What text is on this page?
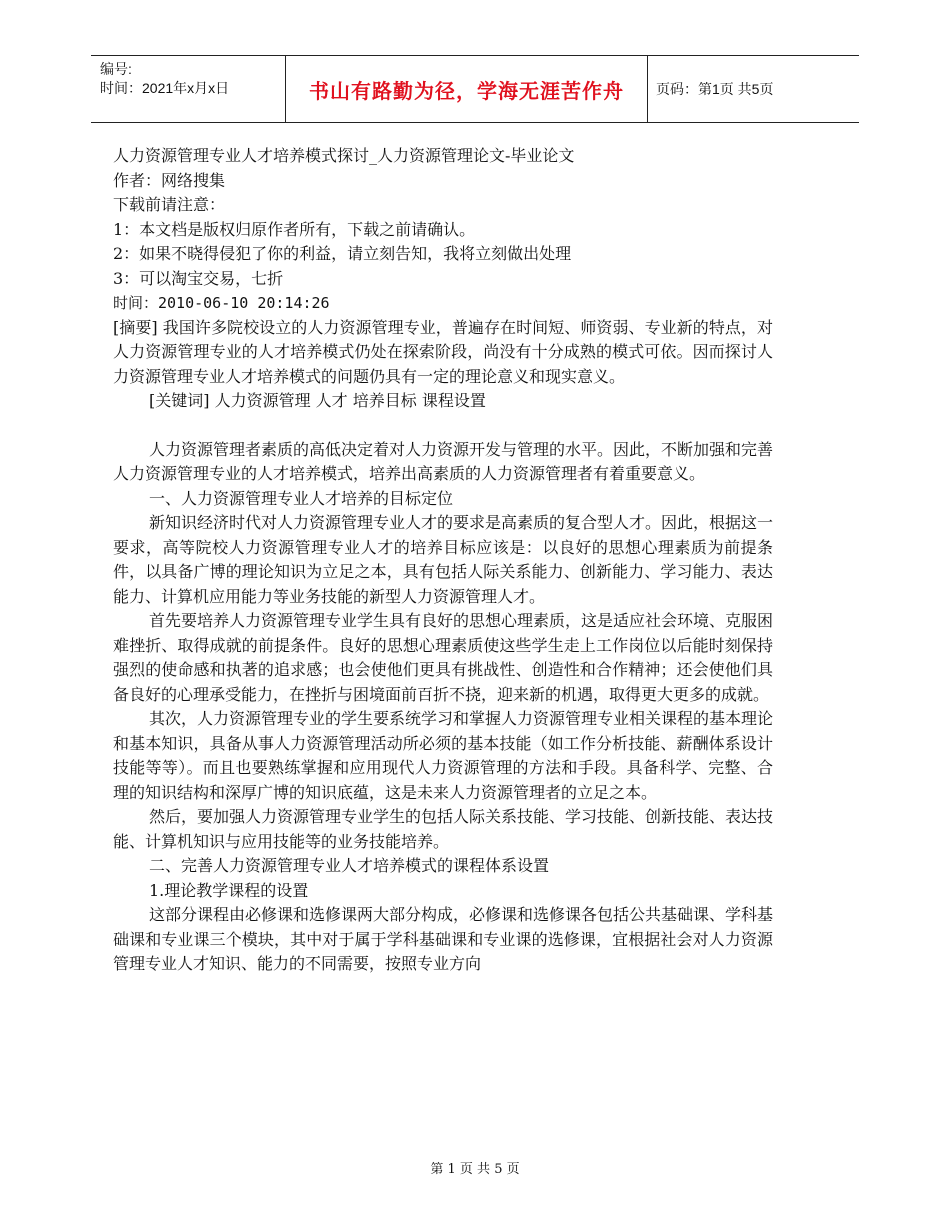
编号:
时间：2021年x月x日	书山有路勤为径，学海无涯苦作舟	页码：第1页 共5页

人力资源管理专业人才培养模式探讨_人力资源管理论文-毕业论文

作者：网络搜集

下载前请注意：

1：本文档是版权归原作者所有，下载之前请确认。

2：如果不晓得侵犯了你的利益，请立刻告知，我将立刻做出处理

3：可以淘宝交易，七折

时间：2010-06-10 20:14:26

[摘要] 我国许多院校设立的人力资源管理专业，普遍存在时间短、师资弱、专业新的特点，对人力资源管理专业的人才培养模式仍处在探索阶段，尚没有十分成熟的模式可依。因而探讨人力资源管理专业人才培养模式的问题仍具有一定的理论意义和现实意义。

[关键词] 人力资源管理 人才 培养目标 课程设置

人力资源管理者素质的高低决定着对人力资源开发与管理的水平。因此，不断加强和完善人力资源管理专业的人才培养模式，培养出高素质的人力资源管理者有着重要意义。

一、人力资源管理专业人才培养的目标定位

新知识经济时代对人力资源管理专业人才的要求是高素质的复合型人才。因此，根据这一要求，高等院校人力资源管理专业人才的培养目标应该是：以良好的思想心理素质为前提条件，以具备广博的理论知识为立足之本，具有包括人际关系能力、创新能力、学习能力、表达能力、计算机应用能力等业务技能的新型人力资源管理人才。

首先要培养人力资源管理专业学生具有良好的思想心理素质，这是适应社会环境、克服困难挫折、取得成就的前提条件。良好的思想心理素质使这些学生走上工作岗位以后能时刻保持强烈的使命感和执著的追求感；也会使他们更具有挑战性、创造性和合作精神；还会使他们具备良好的心理承受能力，在挫折与困境面前百折不挠，迎来新的机遇，取得更大更多的成就。

其次，人力资源管理专业的学生要系统学习和掌握人力资源管理专业相关课程的基本理论和基本知识，具备从事人力资源管理活动所必须的基本技能（如工作分析技能、薪酬体系设计技能等等）。而且也要熟练掌握和应用现代人力资源管理的方法和手段。具备科学、完整、合理的知识结构和深厚广博的知识底蕴，这是未来人力资源管理者的立足之本。

然后，要加强人力资源管理专业学生的包括人际关系技能、学习技能、创新技能、表达技能、计算机知识与应用技能等的业务技能培养。

二、完善人力资源管理专业人才培养模式的课程体系设置

1.理论教学课程的设置

这部分课程由必修课和选修课两大部分构成，必修课和选修课各包括公共基础课、学科基础课和专业课三个模块，其中对于属于学科基础课和专业课的选修课，宜根据社会对人力资源管理专业人才知识、能力的不同需要，按照专业方向

第 1 页 共 5 页
